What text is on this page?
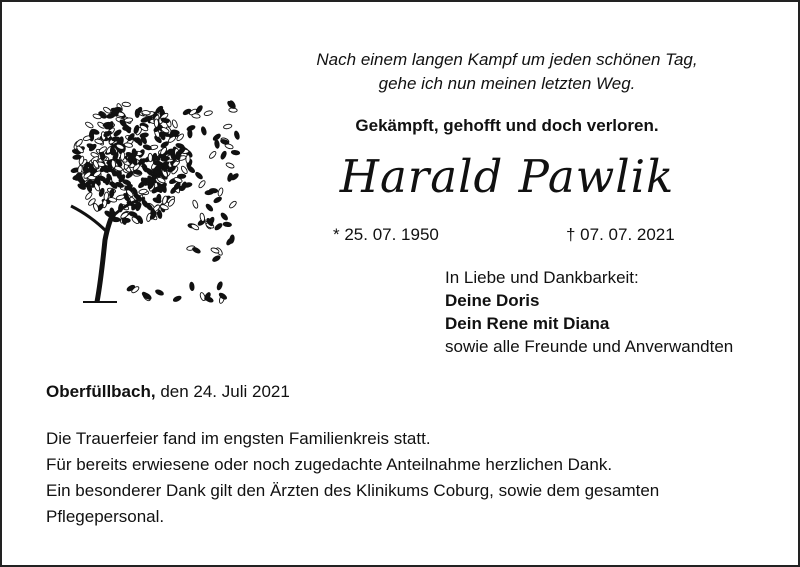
Nach einem langen Kampf um jeden schönen Tag,
gehe ich nun meinen letzten Weg.
Gekämpft, gehofft und doch verloren.
Harald Pawlik
* 25. 07. 1950	† 07. 07. 2021
In Liebe und Dankbarkeit:
Deine Doris
Dein Rene mit Diana
sowie alle Freunde und Anverwandten
Oberfüllbach, den 24. Juli 2021
Die Trauerfeier fand im engsten Familienkreis statt.
Für bereits erwiesene oder noch zugedachte Anteilnahme herzlichen Dank.
Ein besonderer Dank gilt den Ärzten des Klinikums Coburg, sowie dem gesamten Pflegepersonal.
